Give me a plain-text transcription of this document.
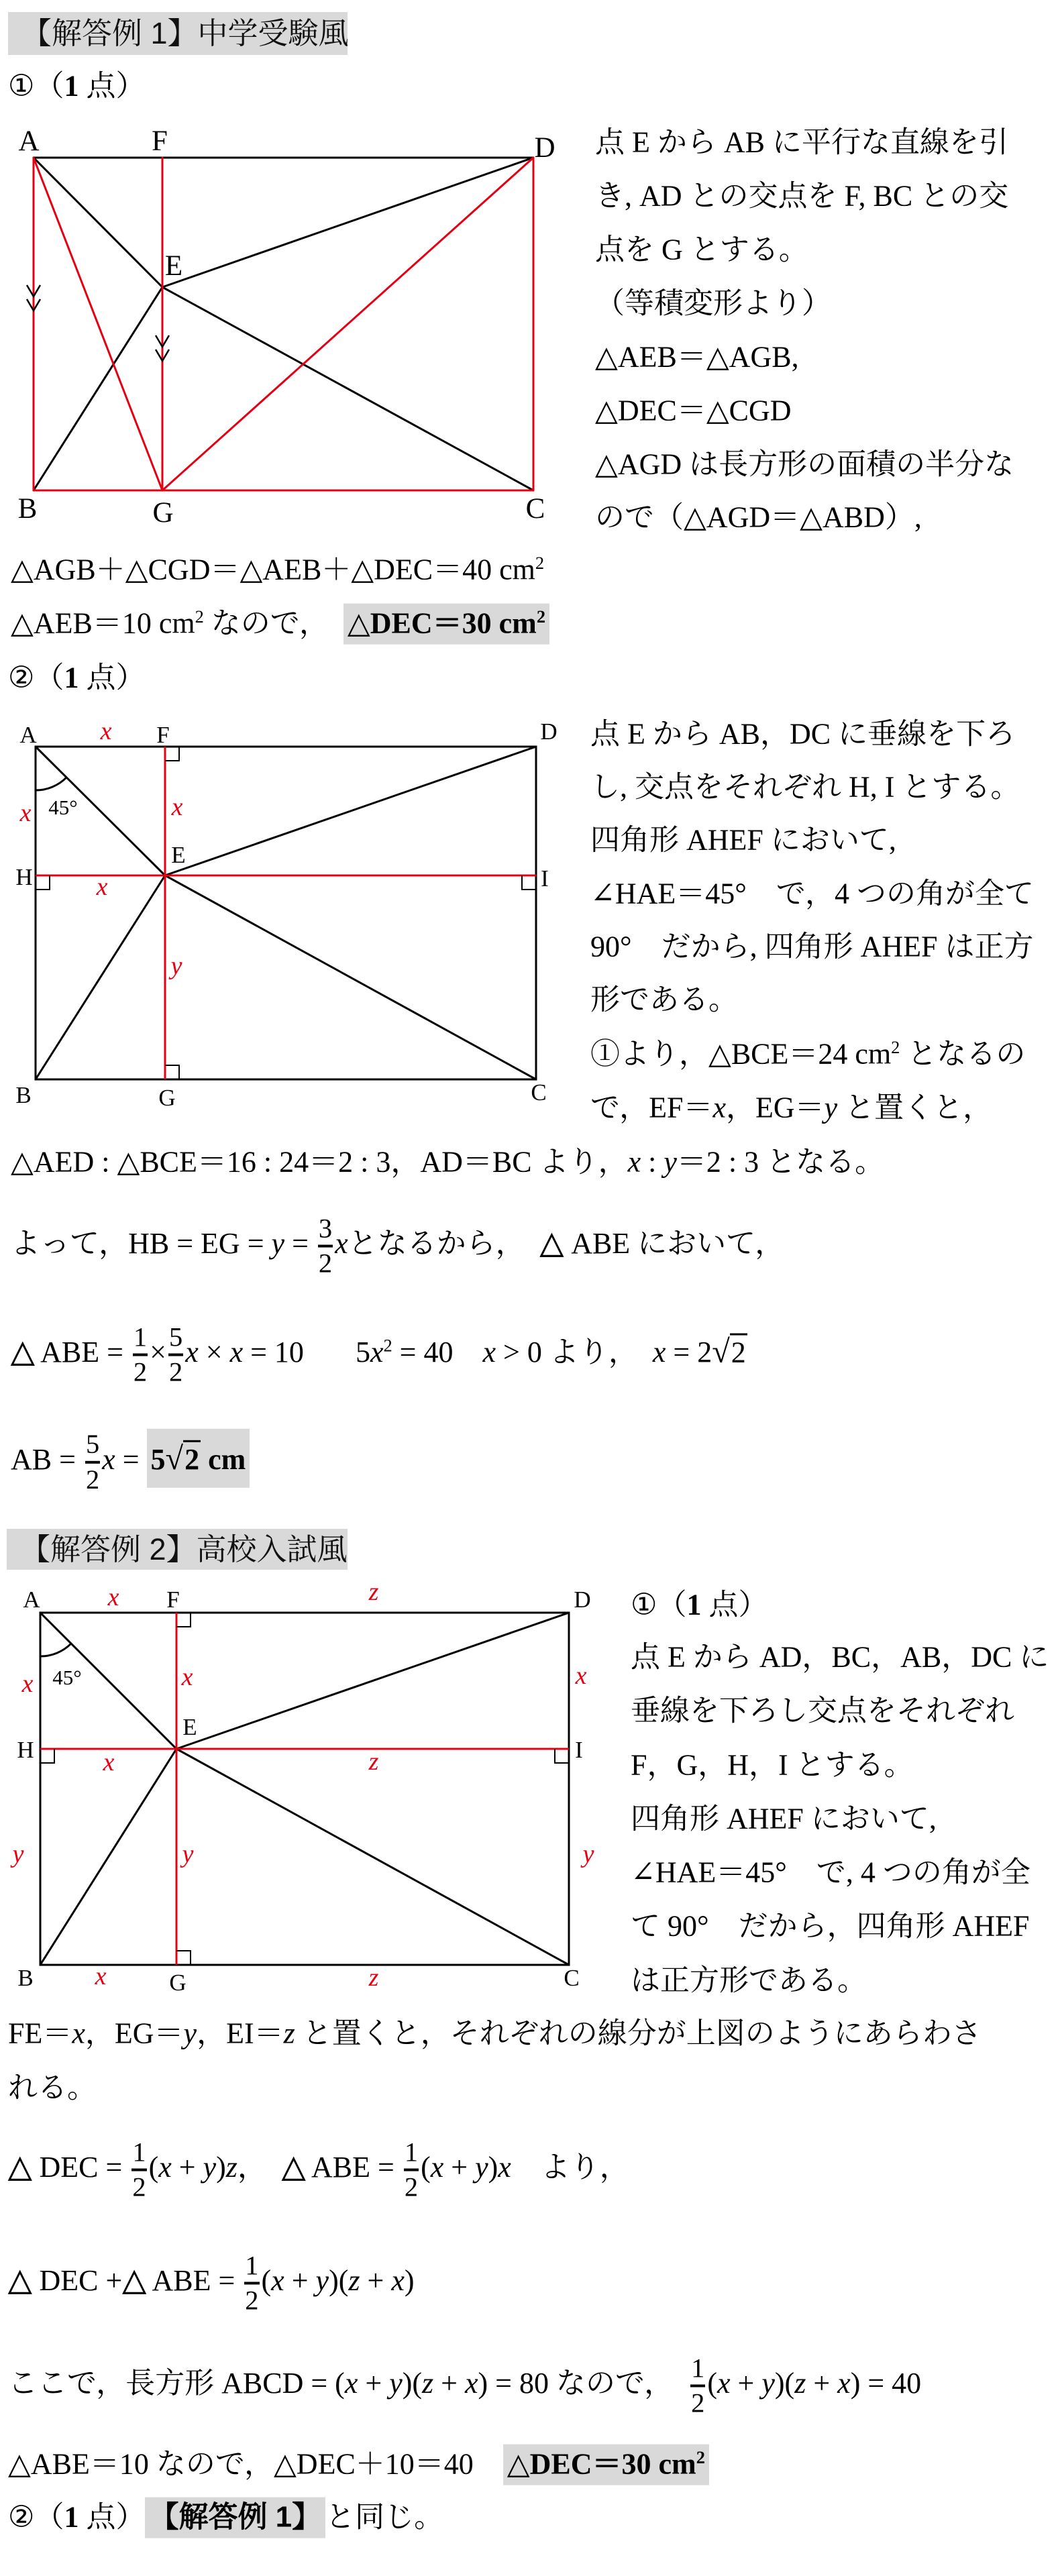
【解答例 1】中学受験風
①（1 点）
A	F	D
E
B	G	C
点 E から AB に平行な直線を引
き, AD との交点を F, BC との交
点を G とする。
（等積変形より）
△AEB＝△AGB,
△DEC＝△CGD
△AGD は長方形の面積の半分な
ので（△AGD＝△ABD）,
△AGB＋△CGD＝△AEB＋△DEC＝40 $cm^2$
△AEB＝10 $cm^2$ なので，  △DEC＝30 $cm^2$
②（1 点）
A	F	D
E
H	I
B	G	C
45°
x
x	x
x
y
点 E から AB，DC に垂線を下ろ
し, 交点をそれぞれ H, I とする。
四角形 AHEF において,
∠HAE＝45°　で，4 つの角が全て
90°　だから, 四角形 AHEF は正方
形である。
①より，△BCE＝24 $cm^2$ となるの
で，EF＝x，EG＝y と置くと，
△AED : △BCE＝16 : 24＝2 : 3，AD＝BC より，x : y＝2 : 3 となる。
よって，HB = EG = $y = \frac{3}{2}$ xとなるから，  △ ABE において，
△ ABE = $\frac{1}{2} \times \frac{5}{2}$ x × x = 10       $5x^2 = 40$    x > 0 より，  x = 2√2
AB = $\frac{5}{2}$ x = 5√2 cm
【解答例 2】高校入試風
A	F	D
E
H	I
B	G	C
45°
x	z
x	x	x
x	z
y	y	y
x	z
①（1 点）
点 E から AD，BC，AB，DC に
垂線を下ろし交点をそれぞれ
F，G，H，I とする。
四角形 AHEF において,
∠HAE＝45°　で, 4 つの角が全
て 90°　だから，四角形 AHEF
は正方形である。
FE＝x，EG＝y，EI＝z と置くと，それぞれの線分が上図のようにあらわさ
れる。
△ DEC = $\frac{1}{2} (x + y)z$，  △ ABE = $\frac{1}{2} (x + y)x$    より，
△ DEC +△ ABE = $\frac{1}{2} (x + y)(z + x)$
ここで，長方形 ABCD = (x + y)(z + x) = 80 なので， $\frac{1}{2} (x + y)(z + x) = 40$
△ABE＝10 なので，△DEC＋10＝40    △DEC＝30 $cm^2$
②（1 点） 【解答例 1】 と同じ。
